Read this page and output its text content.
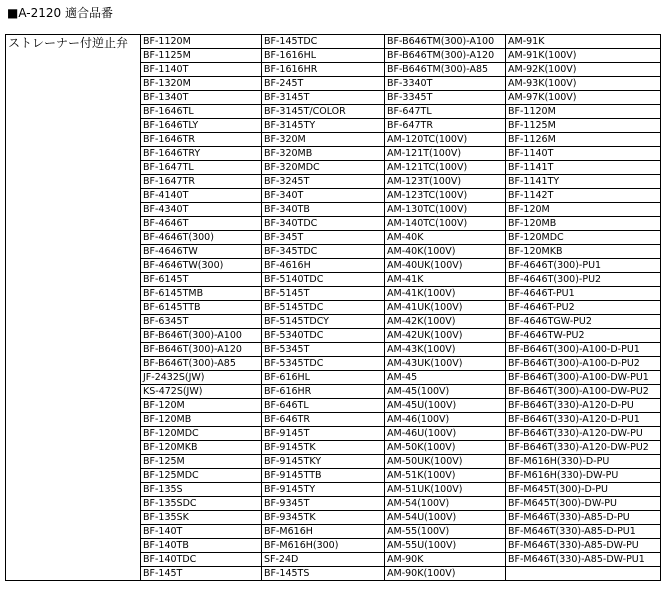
■A-2120 適合品番
ストレーナー付逆止弁	BF-1120M	BF-145TDC	BF-B646TM(300)-A100	AM-91K
	BF-1125M	BF-1616HL	BF-B646TM(300)-A120	AM-91K(100V)
	BF-1140T	BF-1616HR	BF-B646TM(300)-A85	AM-92K(100V)
	BF-1320M	BF-245T	BF-3340T	AM-93K(100V)
	BF-1340T	BF-3145T	BF-3345T	AM-97K(100V)
	BF-1646TL	BF-3145T/COLOR	BF-647TL	BF-1120M
	BF-1646TLY	BF-3145TY	BF-647TR	BF-1125M
	BF-1646TR	BF-320M	AM-120TC(100V)	BF-1126M
	BF-1646TRY	BF-320MB	AM-121T(100V)	BF-1140T
	BF-1647TL	BF-320MDC	AM-121TC(100V)	BF-1141T
	BF-1647TR	BF-3245T	AM-123T(100V)	BF-1141TY
	BF-4140T	BF-340T	AM-123TC(100V)	BF-1142T
	BF-4340T	BF-340TB	AM-130TC(100V)	BF-120M
	BF-4646T	BF-340TDC	AM-140TC(100V)	BF-120MB
	BF-4646T(300)	BF-345T	AM-40K	BF-120MDC
	BF-4646TW	BF-345TDC	AM-40K(100V)	BF-120MKB
	BF-4646TW(300)	BF-4616H	AM-40UK(100V)	BF-4646T(300)-PU1
	BF-6145T	BF-5140TDC	AM-41K	BF-4646T(300)-PU2
	BF-6145TMB	BF-5145T	AM-41K(100V)	BF-4646T-PU1
	BF-6145TTB	BF-5145TDC	AM-41UK(100V)	BF-4646T-PU2
	BF-6345T	BF-5145TDCY	AM-42K(100V)	BF-4646TGW-PU2
	BF-B646T(300)-A100	BF-5340TDC	AM-42UK(100V)	BF-4646TW-PU2
	BF-B646T(300)-A120	BF-5345T	AM-43K(100V)	BF-B646T(300)-A100-D-PU1
	BF-B646T(300)-A85	BF-5345TDC	AM-43UK(100V)	BF-B646T(300)-A100-D-PU2
	JF-2432S(JW)	BF-616HL	AM-45	BF-B646T(300)-A100-DW-PU1
	KS-472S(JW)	BF-616HR	AM-45(100V)	BF-B646T(300)-A100-DW-PU2
	BF-120M	BF-646TL	AM-45U(100V)	BF-B646T(330)-A120-D-PU
	BF-120MB	BF-646TR	AM-46(100V)	BF-B646T(330)-A120-D-PU1
	BF-120MDC	BF-9145T	AM-46U(100V)	BF-B646T(330)-A120-DW-PU
	BF-120MKB	BF-9145TK	AM-50K(100V)	BF-B646T(330)-A120-DW-PU2
	BF-125M	BF-9145TKY	AM-50UK(100V)	BF-M616H(330)-D-PU
	BF-125MDC	BF-9145TTB	AM-51K(100V)	BF-M616H(330)-DW-PU
	BF-135S	BF-9145TY	AM-51UK(100V)	BF-M645T(300)-D-PU
	BF-135SDC	BF-9345T	AM-54(100V)	BF-M645T(300)-DW-PU
	BF-135SK	BF-9345TK	AM-54U(100V)	BF-M646T(330)-A85-D-PU
	BF-140T	BF-M616H	AM-55(100V)	BF-M646T(330)-A85-D-PU1
	BF-140TB	BF-M616H(300)	AM-55U(100V)	BF-M646T(330)-A85-DW-PU
	BF-140TDC	SF-24D	AM-90K	BF-M646T(330)-A85-DW-PU1
	BF-145T	BF-145TS	AM-90K(100V)	
